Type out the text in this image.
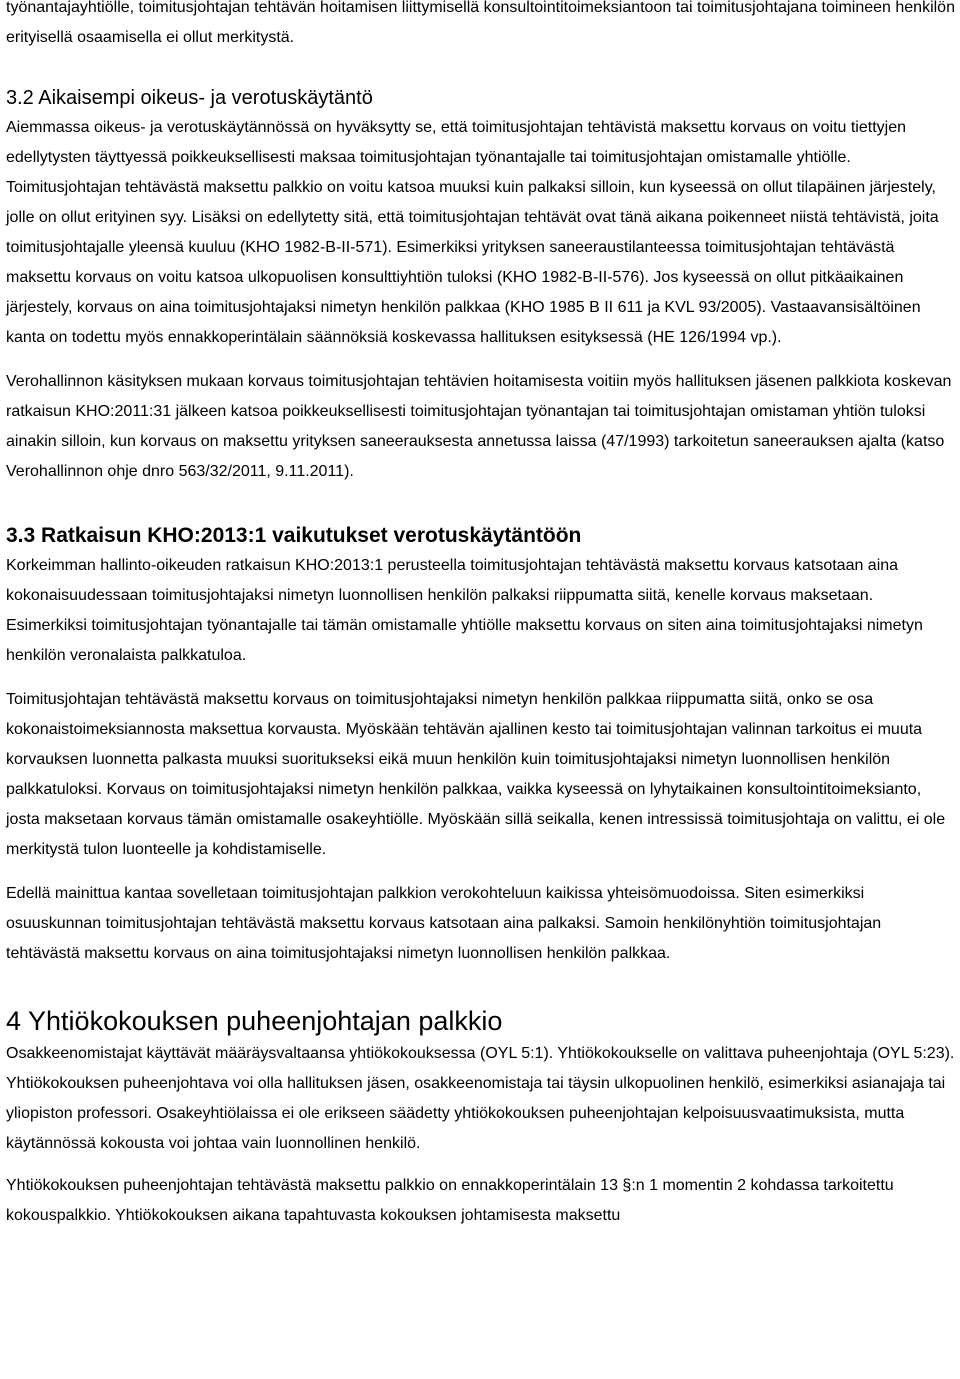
työnantajayhtiölle, toimitusjohtajan tehtävän hoitamisen liittymisellä konsultointitoimeksiantoon tai toimitusjohtajana toimineen henkilön erityisellä osaamisella ei ollut merkitystä.

3.2 Aikaisempi oikeus- ja verotuskäytäntö

Aiemmassa oikeus- ja verotuskäytännössä on hyväksytty se, että toimitusjohtajan tehtävistä maksettu korvaus on voitu tiettyjen edellytysten täyttyessä poikkeuksellisesti maksaa toimitusjohtajan työnantajalle tai toimitusjohtajan omistamalle yhtiölle. Toimitusjohtajan tehtävästä maksettu palkkio on voitu katsoa muuksi kuin palkaksi silloin, kun kyseessä on ollut tilapäinen järjestely, jolle on ollut erityinen syy. Lisäksi on edellytetty sitä, että toimitusjohtajan tehtävät ovat tänä aikana poikenneet niistä tehtävistä, joita toimitusjohtajalle yleensä kuuluu (KHO 1982-B-II-571). Esimerkiksi yrityksen saneeraustilanteessa toimitusjohtajan tehtävästä maksettu korvaus on voitu katsoa ulkopuolisen konsulttiyhtiön tuloksi (KHO 1982-B-II-576). Jos kyseessä on ollut pitkäaikainen järjestely, korvaus on aina toimitusjohtajaksi nimetyn henkilön palkkaa (KHO 1985 B II 611 ja KVL 93/2005). Vastaavansisältöinen kanta on todettu myös ennakkoperintälain säännöksiä koskevassa hallituksen esityksessä (HE 126/1994 vp.).

Verohallinnon käsityksen mukaan korvaus toimitusjohtajan tehtävien hoitamisesta voitiin myös hallituksen jäsenen palkkiota koskevan ratkaisun KHO:2011:31 jälkeen katsoa poikkeuksellisesti toimitusjohtajan työnantajan tai toimitusjohtajan omistaman yhtiön tuloksi ainakin silloin, kun korvaus on maksettu yrityksen saneerauksesta annetussa laissa (47/1993) tarkoitetun saneerauksen ajalta (katso Verohallinnon ohje dnro 563/32/2011, 9.11.2011).

3.3 Ratkaisun KHO:2013:1 vaikutukset verotuskäytäntöön

Korkeimman hallinto-oikeuden ratkaisun KHO:2013:1 perusteella toimitusjohtajan tehtävästä maksettu korvaus katsotaan aina kokonaisuudessaan toimitusjohtajaksi nimetyn luonnollisen henkilön palkaksi riippumatta siitä, kenelle korvaus maksetaan. Esimerkiksi toimitusjohtajan työnantajalle tai tämän omistamalle yhtiölle maksettu korvaus on siten aina toimitusjohtajaksi nimetyn henkilön veronalaista palkkatuloa.

Toimitusjohtajan tehtävästä maksettu korvaus on toimitusjohtajaksi nimetyn henkilön palkkaa riippumatta siitä, onko se osa kokonaistoimeksiannosta maksettua korvausta. Myöskään tehtävän ajallinen kesto tai toimitusjohtajan valinnan tarkoitus ei muuta korvauksen luonnetta palkasta muuksi suoritukseksi eikä muun henkilön kuin toimitusjohtajaksi nimetyn luonnollisen henkilön palkkatuloksi. Korvaus on toimitusjohtajaksi nimetyn henkilön palkkaa, vaikka kyseessä on lyhytaikainen konsultointitoimeksianto, josta maksetaan korvaus tämän omistamalle osakeyhtiölle. Myöskään sillä seikalla, kenen intressissä toimitusjohtaja on valittu, ei ole merkitystä tulon luonteelle ja kohdistamiselle.

Edellä mainittua kantaa sovelletaan toimitusjohtajan palkkion verokohteluun kaikissa yhteisömuodoissa. Siten esimerkiksi osuuskunnan toimitusjohtajan tehtävästä maksettu korvaus katsotaan aina palkaksi. Samoin henkilönyhtiön toimitusjohtajan tehtävästä maksettu korvaus on aina toimitusjohtajaksi nimetyn luonnollisen henkilön palkkaa.

4 Yhtiökokouksen puheenjohtajan palkkio

Osakkeenomistajat käyttävät määräysvaltaansa yhtiökokouksessa (OYL 5:1). Yhtiökokoukselle on valittava puheenjohtaja (OYL 5:23). Yhtiökokouksen puheenjohtava voi olla hallituksen jäsen, osakkeenomistaja tai täysin ulkopuolinen henkilö, esimerkiksi asianajaja tai yliopiston professori. Osakeyhtiölaissa ei ole erikseen säädetty yhtiökokouksen puheenjohtajan kelpoisuusvaatimuksista, mutta käytännössä kokousta voi johtaa vain luonnollinen henkilö.

Yhtiökokouksen puheenjohtajan tehtävästä maksettu palkkio on ennakkoperintälain 13 §:n 1 momentin 2 kohdassa tarkoitettu kokouspalkkio. Yhtiökokouksen aikana tapahtuvasta kokouksen johtamisesta maksettu
